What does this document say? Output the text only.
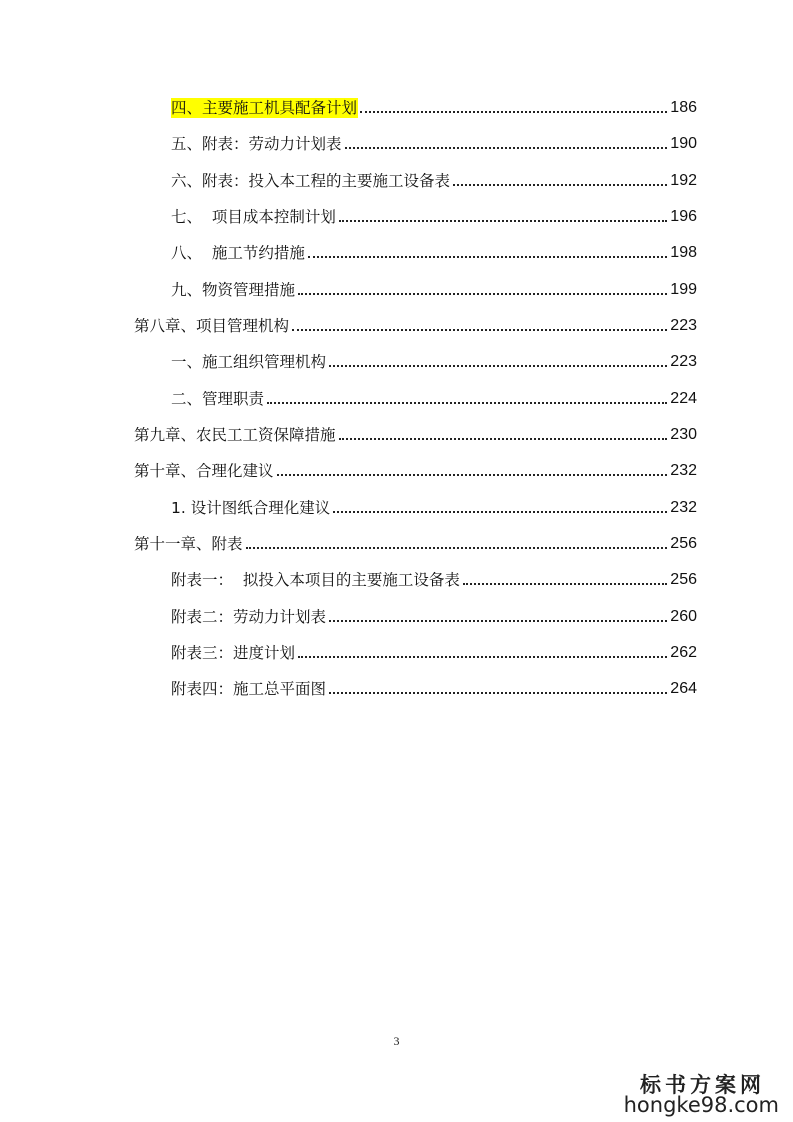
四、主要施工机具配备计划	186
五、附表：劳动力计划表	190
六、附表：投入本工程的主要施工设备表	192
七、  项目成本控制计划	196
八、  施工节约措施	198
九、物资管理措施	199
第八章、项目管理机构	223
一、施工组织管理机构	223
二、管理职责	224
第九章、农民工工资保障措施	230
第十章、合理化建议	232
1. 设计图纸合理化建议	232
第十一章、附表	256
附表一：  拟投入本项目的主要施工设备表	256
附表二：劳动力计划表	260
附表三：进度计划	262
附表四：施工总平面图	264
3
标书方案网
hongke98.com
